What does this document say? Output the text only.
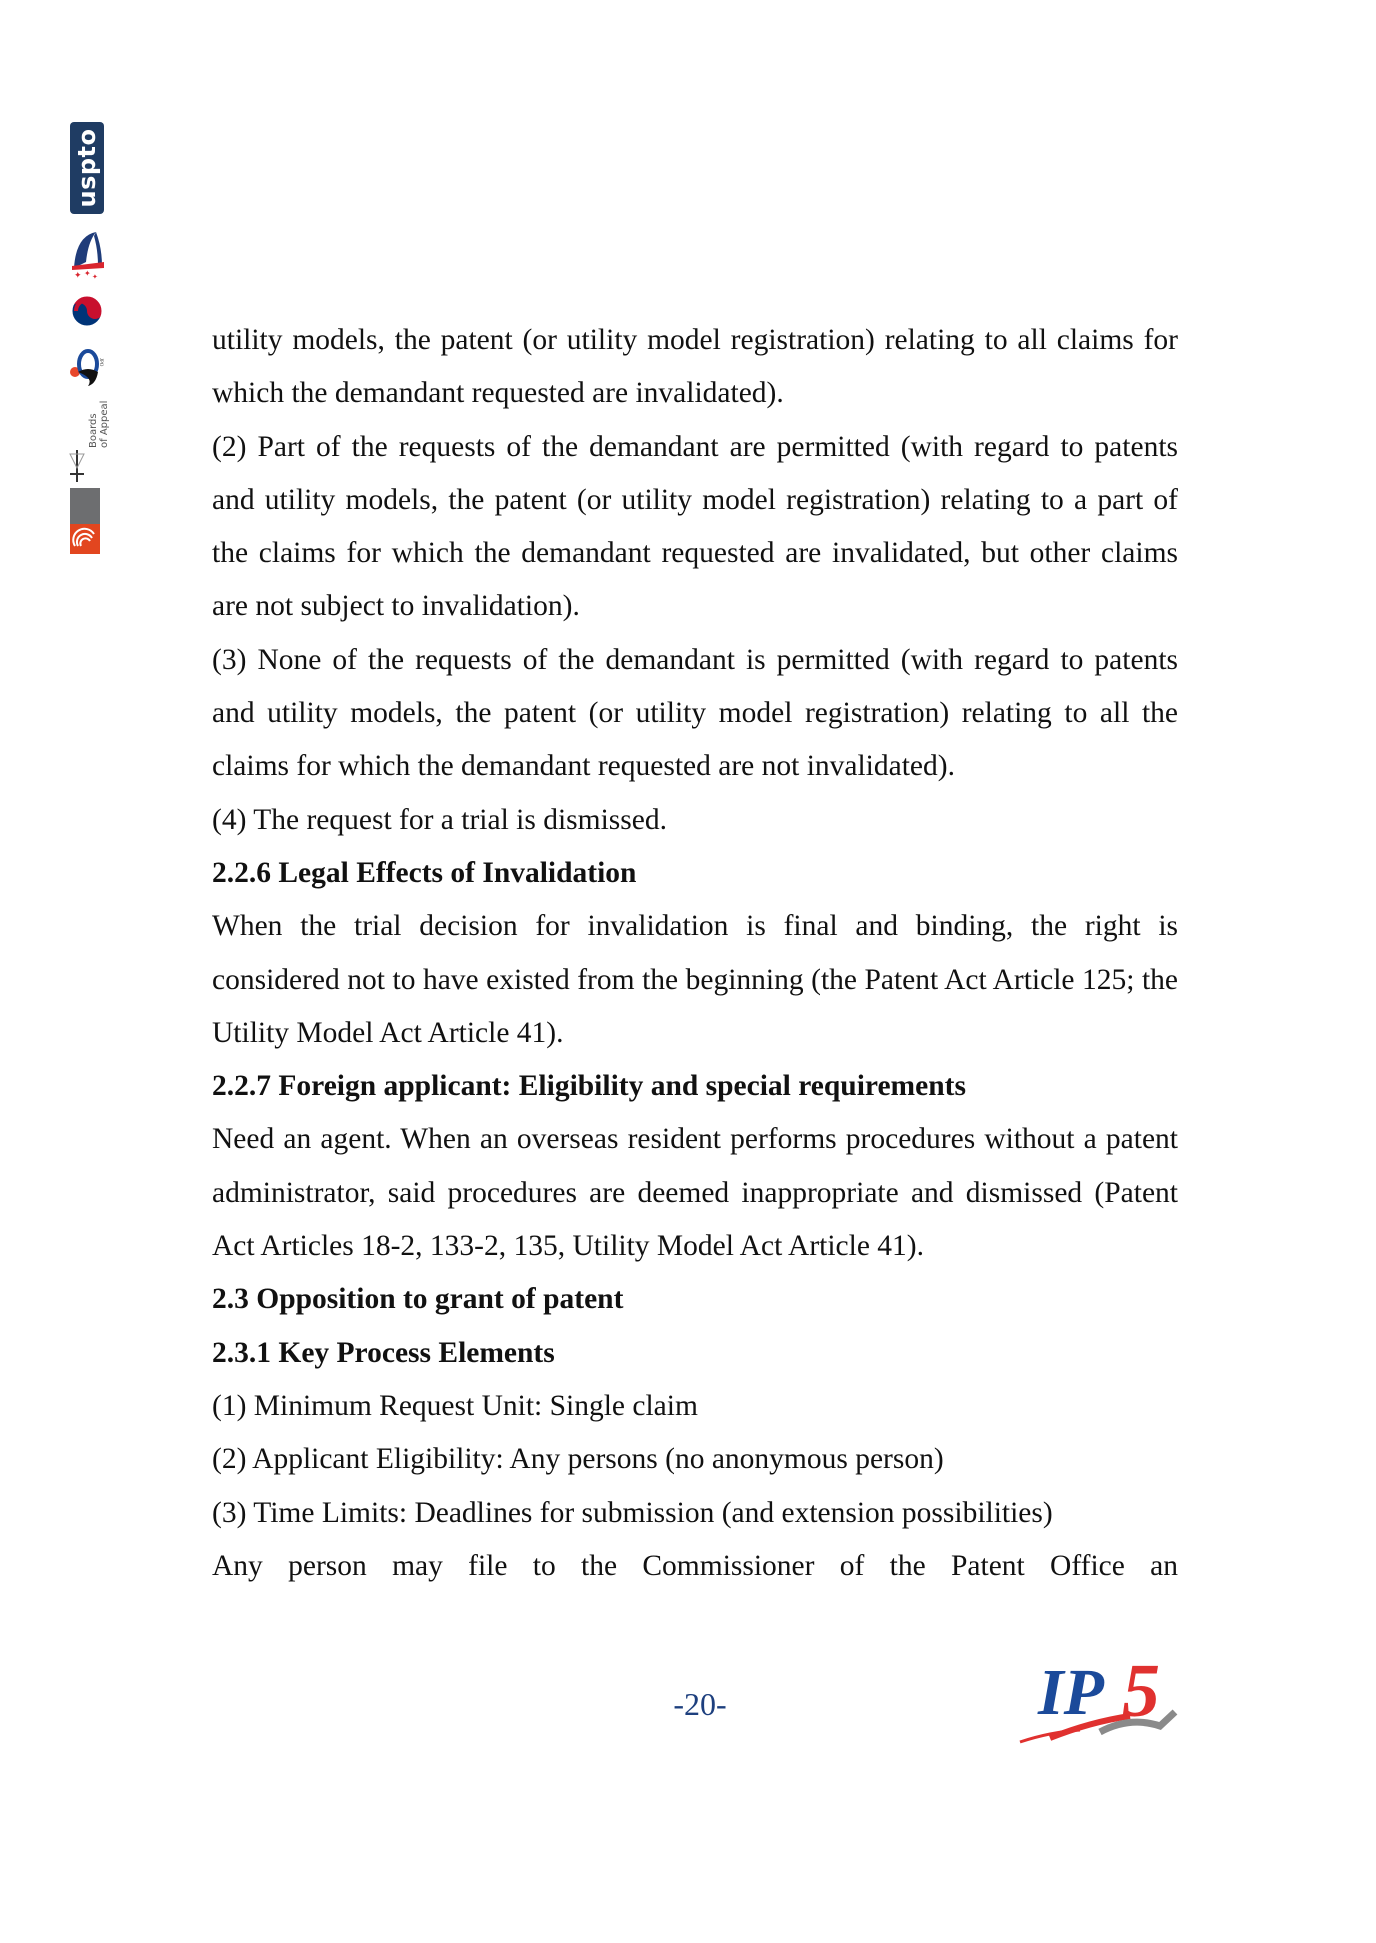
uspto
✦ ✦ ✦
JPO
Boards of Appeal

utility models, the patent (or utility model registration) relating to all claims for which the demandant requested are invalidated).

(2) Part of the requests of the demandant are permitted (with regard to patents and utility models, the patent (or utility model registration) relating to a part of the claims for which the demandant requested are invalidated, but other claims are not subject to invalidation).

(3) None of the requests of the demandant is permitted (with regard to patents and utility models, the patent (or utility model registration) relating to all the claims for which the demandant requested are not invalidated).

(4) The request for a trial is dismissed.

2.2.6 Legal Effects of Invalidation

When the trial decision for invalidation is final and binding, the right is considered not to have existed from the beginning (the Patent Act Article 125; the Utility Model Act Article 41).

2.2.7 Foreign applicant: Eligibility and special requirements

Need an agent. When an overseas resident performs procedures without a patent administrator, said procedures are deemed inappropriate and dismissed (Patent Act Articles 18-2, 133-2, 135, Utility Model Act Article 41).

2.3 Opposition to grant of patent
2.3.1 Key Process Elements

(1) Minimum Request Unit: Single claim

(2) Applicant Eligibility: Any persons (no anonymous person)

(3) Time Limits: Deadlines for submission (and extension possibilities)

Any person may file to the Commissioner of the Patent Office an

-20-	IP 5
